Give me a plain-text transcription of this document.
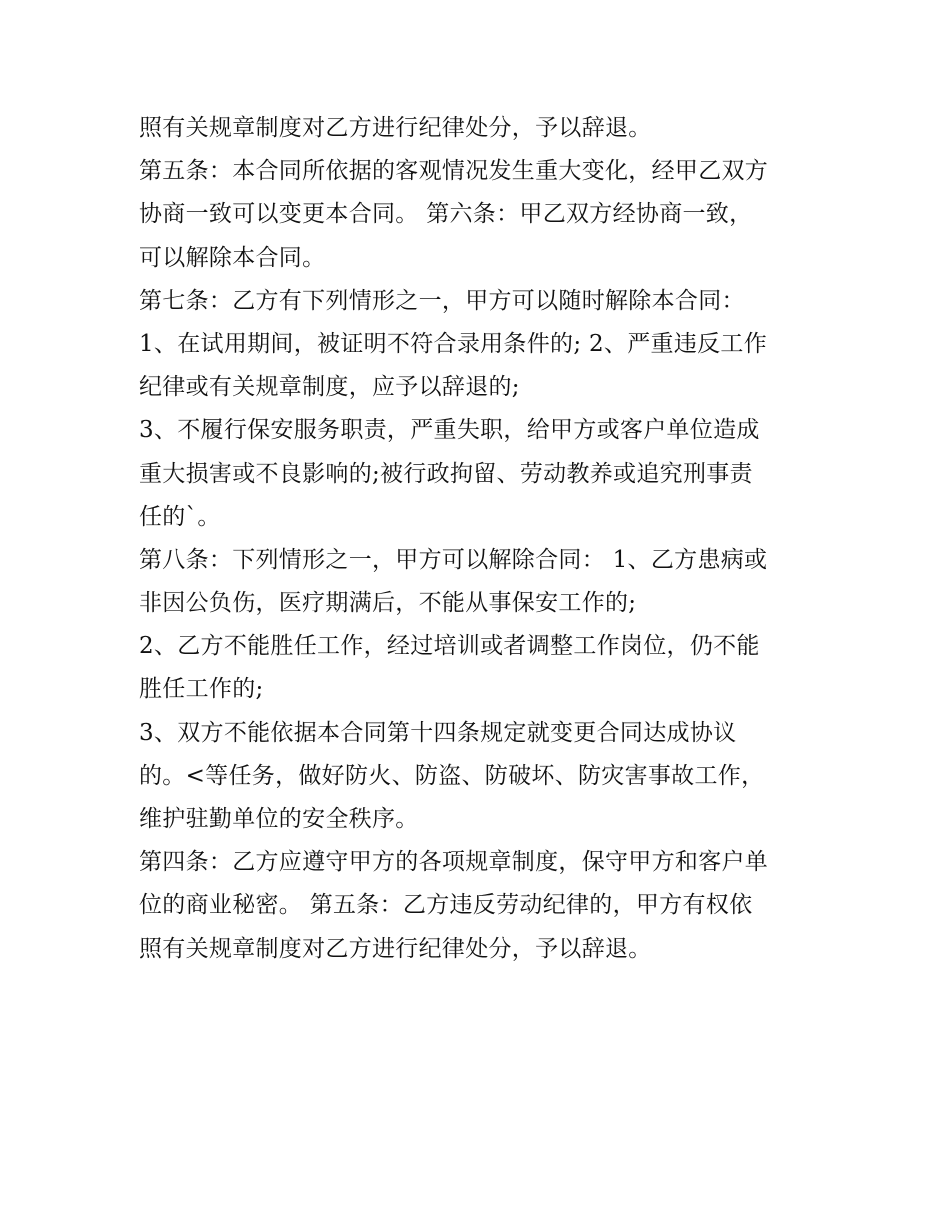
照有关规章制度对乙方进行纪律处分，予以辞退。
第五条：本合同所依据的客观情况发生重大变化，经甲乙双方
协商一致可以变更本合同。 第六条：甲乙双方经协商一致，
可以解除本合同。
第七条：乙方有下列情形之一，甲方可以随时解除本合同：
1、在试用期间，被证明不符合录用条件的; 2、严重违反工作
纪律或有关规章制度，应予以辞退的;
3、不履行保安服务职责，严重失职，给甲方或客户单位造成
重大损害或不良影响的;被行政拘留、劳动教养或追究刑事责
任的`。
第八条：下列情形之一，甲方可以解除合同： 1、乙方患病或
非因公负伤，医疗期满后，不能从事保安工作的;
2、乙方不能胜任工作，经过培训或者调整工作岗位，仍不能
胜任工作的;
3、双方不能依据本合同第十四条规定就变更合同达成协议
的。<等任务，做好防火、防盗、防破坏、防灾害事故工作，
维护驻勤单位的安全秩序。
第四条：乙方应遵守甲方的各项规章制度，保守甲方和客户单
位的商业秘密。 第五条：乙方违反劳动纪律的，甲方有权依
照有关规章制度对乙方进行纪律处分，予以辞退。
